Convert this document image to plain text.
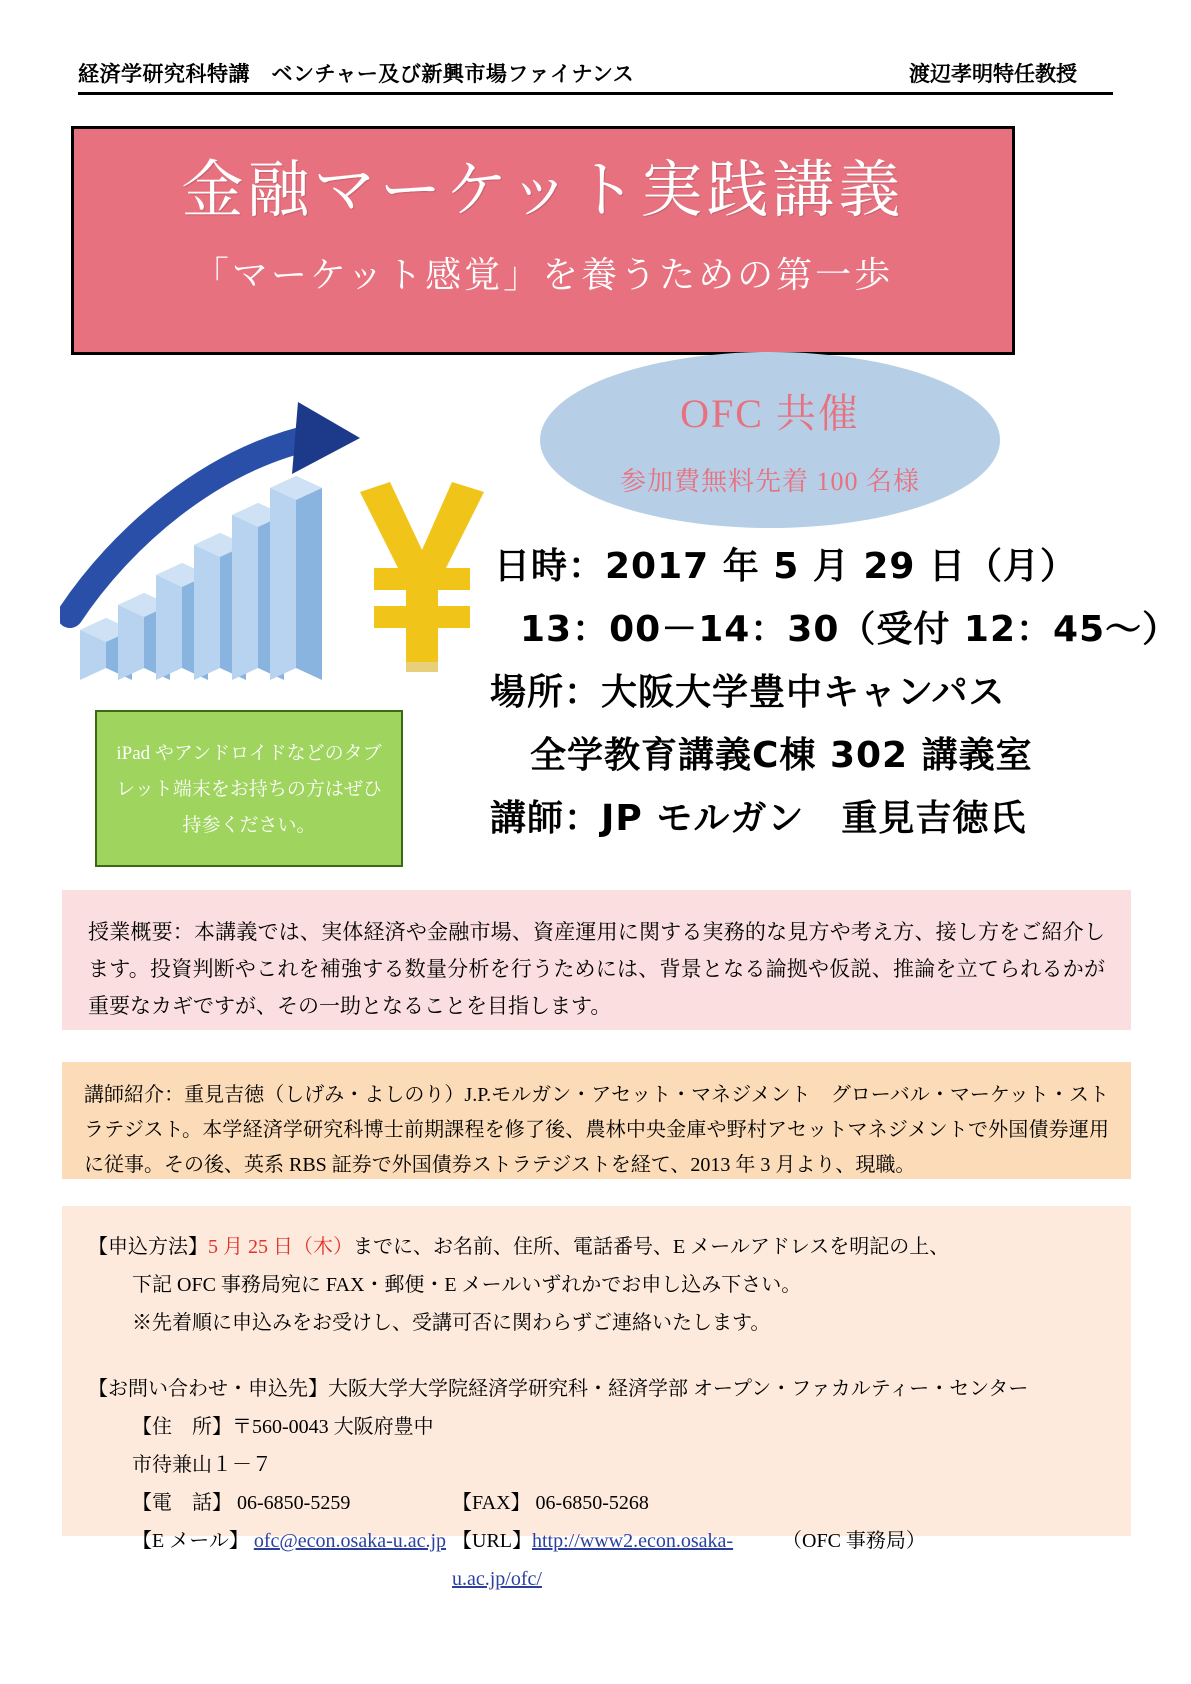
経済学研究科特講　ベンチャー及び新興市場ファイナンス	渡辺孝明特任教授
金融マーケット実践講義
「マーケット感覚」を養うための第一歩
OFC 共催
参加費無料先着 100 名様
日時：2017 年 5 月 29 日（月）
13：00－14：30（受付 12：45～）
場所：大阪大学豊中キャンパス
全学教育講義C棟 302 講義室
講師：JP モルガン　重見吉徳氏
iPad やアンドロイドなどのタブレット端末をお持ちの方はぜひ持参ください。
授業概要：本講義では、実体経済や金融市場、資産運用に関する実務的な見方や考え方、接し方をご紹介します。投資判断やこれを補強する数量分析を行うためには、背景となる論拠や仮説、推論を立てられるかが重要なカギですが、その一助となることを目指します。
講師紹介：重見吉徳（しげみ・よしのり）J.P.モルガン・アセット・マネジメント　グローバル・マーケット・ストラテジスト。本学経済学研究科博士前期課程を修了後、農林中央金庫や野村アセットマネジメントで外国債券運用に従事。その後、英系 RBS 証券で外国債券ストラテジストを経て、2013 年 3 月より、現職。
【申込方法】5 月 25 日（木）までに、お名前、住所、電話番号、E メールアドレスを明記の上、
下記 OFC 事務局宛に FAX・郵便・E メールいずれかでお申し込み下さい。
※先着順に申込みをお受けし、受講可否に関わらずご連絡いたします。
【お問い合わせ・申込先】大阪大学大学院経済学研究科・経済学部 オープン・ファカルティー・センター
【住　所】〒560-0043 大阪府豊中市待兼山１－７
【電　話】 06-6850-5259	【FAX】 06-6850-5268
【E メール】 ofc@econ.osaka-u.ac.jp 【URL】http://www2.econ.osaka-u.ac.jp/ofc/
（OFC 事務局）
